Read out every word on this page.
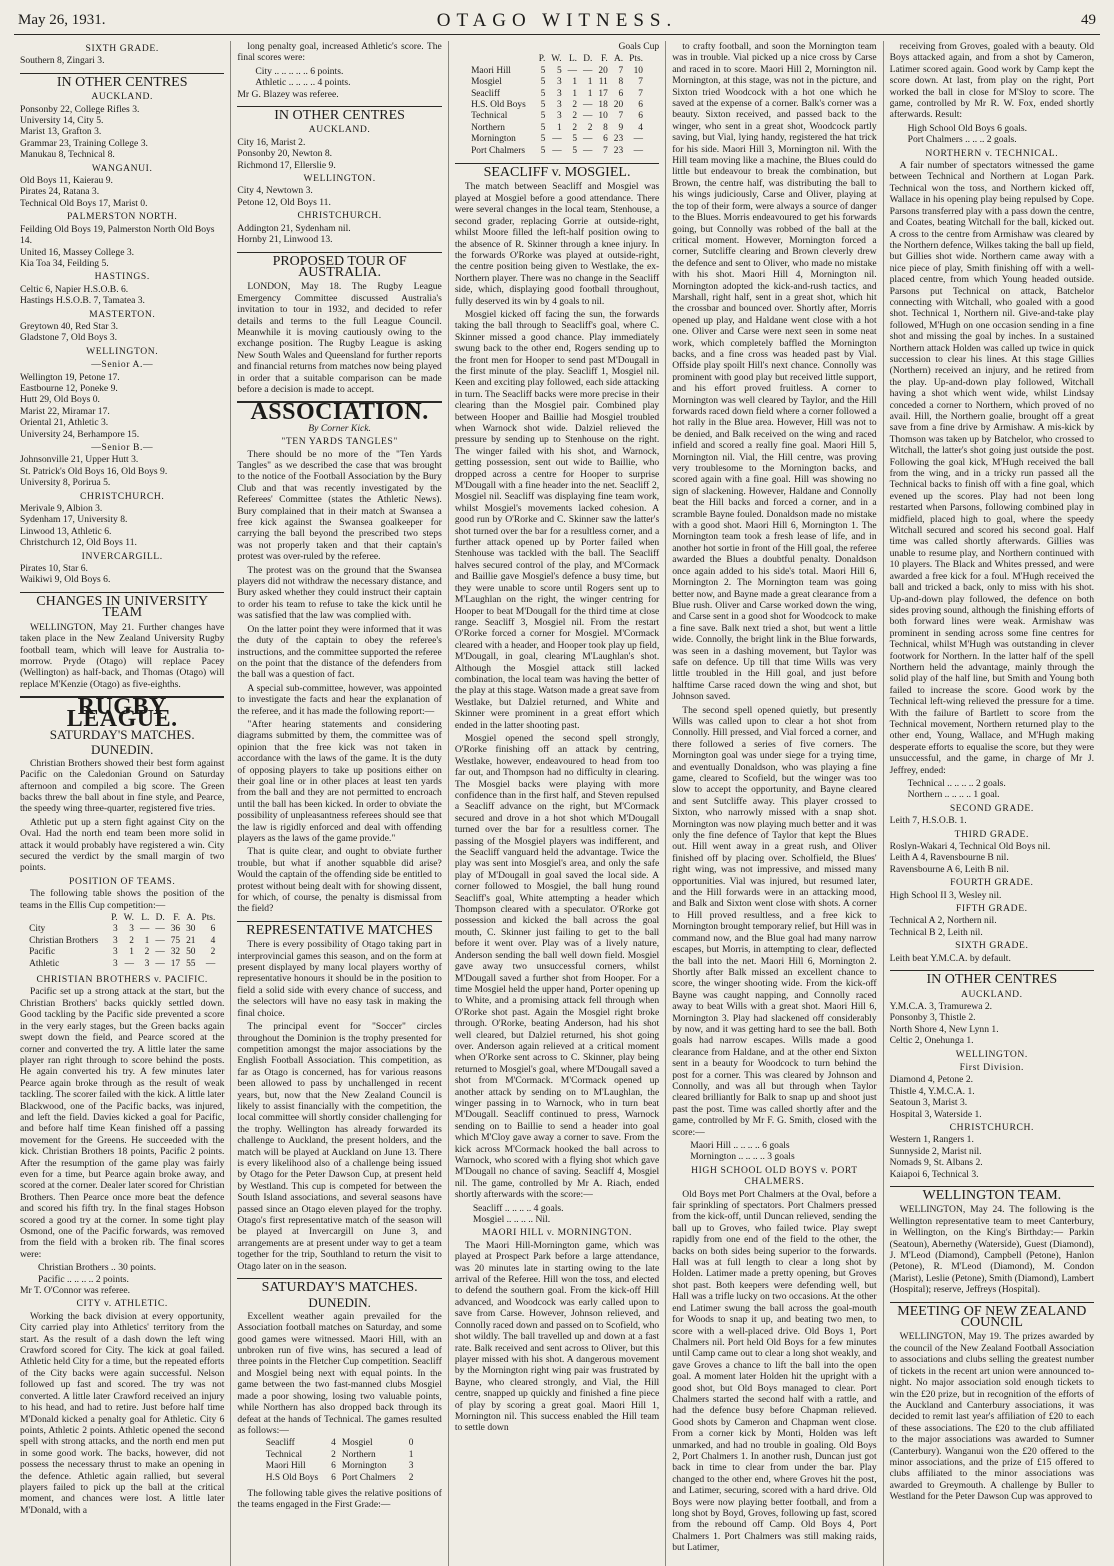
May 26, 1931.	OTAGO WITNESS.	49
SIXTH GRADE.
Southern 8, Zingari 3.
IN OTHER CENTRES
AUCKLAND.
Ponsonby 22, College Rifles 3.
University 14, City 5.
Marist 13, Grafton 3.
Grammar 23, Training College 3.
Manukau 8, Technical 8.
WANGANUI.
Old Boys 11, Kaierau 9.
Pirates 24, Ratana 3.
Technical Old Boys 17, Marist 0.
PALMERSTON NORTH.
Feilding Old Boys 19, Palmerston North Old Boys 14.
United 16, Massey College 3.
Kia Toa 34, Feilding 5.
HASTINGS.
Celtic 6, Napier H.S.O.B. 6.
Hastings H.S.O.B. 7, Tamatea 3.
MASTERTON.
Greytown 40, Red Star 3.
Gladstone 7, Old Boys 3.
WELLINGTON.
—Senior A.—
Wellington 19, Petone 17.
Eastbourne 12, Poneke 9.
Hutt 29, Old Boys 0.
Marist 22, Miramar 17.
Oriental 21, Athletic 3.
University 24, Berhampore 15.
—Senior B.—
Johnsonville 21, Upper Hutt 3.
St. Patrick's Old Boys 16, Old Boys 9.
University 8, Porirua 5.
CHRISTCHURCH.
Merivale 9, Albion 3.
Sydenham 17, University 8.
Linwood 13, Athletic 6.
Christchurch 12, Old Boys 11.
INVERCARGILL.
Pirates 10, Star 6.
Waikiwi 9, Old Boys 6.
CHANGES IN UNIVERSITY TEAM

WELLINGTON, May 21. Further changes have taken place in the New Zealand University Rugby football team, which will leave for Australia to-morrow. Pryde (Otago) will replace Pacey (Wellington) as half-back, and Thomas (Otago) will replace M'Kenzie (Otago) as five-eighths.

RUGBY LEAGUE.
SATURDAY'S MATCHES.
DUNEDIN.

Christian Brothers showed their best form against Pacific on the Caledonian Ground on Saturday afternoon and compiled a big score. The Green backs threw the ball about in fine style, and Pearce, the speedy wing three-quarter, registered five tries.

Athletic put up a stern fight against City on the Oval. Had the north end team been more solid in attack it would probably have registered a win. City secured the verdict by the small margin of two points.

POSITION OF TEAMS.

The following table shows the position of the teams in the Ellis Cup competition:—

	P.	W.	L.	D.	F.	A.	Pts.
City	3	3	—	—	36	30	6
Christian Brothers	3	2	1	—	75	21	4
Pacific	3	1	2	—	32	50	2
Athletic	3	—	3	—	17	55	—
CHRISTIAN BROTHERS v. PACIFIC.

Pacific set up a strong attack at the start, but the Christian Brothers' backs quickly settled down. Good tackling by the Pacific side prevented a score in the very early stages, but the Green backs again swept down the field, and Pearce scored at the corner and converted the try. A little later the same player ran right through to score behind the posts. He again converted his try. A few minutes later Pearce again broke through as the result of weak tackling. The scorer failed with the kick. A little later Blackwood, one of the Pacific backs, was injured, and left the field. Davies kicked a goal for Pacific, and before half time Kean finished off a passing movement for the Greens. He succeeded with the kick. Christian Brothers 18 points, Pacific 2 points. After the resumption of the game play was fairly even for a time, but Pearce again broke away, and scored at the corner. Dealer later scored for Christian Brothers. Then Pearce once more beat the defence and scored his fifth try. In the final stages Hobson scored a good try at the corner. In some tight play Osmond, one of the Pacific forwards, was removed from the field with a broken rib. The final scores were:

Christian Brothers .. 30 points.
Pacific .. .. .. .. 2 points.
Mr T. O'Connor was referee.
CITY v. ATHLETIC.

Working the back division at every opportunity, City carried play into Athletics' territory from the start. As the result of a dash down the left wing Crawford scored for City. The kick at goal failed. Athletic held City for a time, but the repeated efforts of the City backs were again successful. Nelson followed up fast and scored. The try was not converted. A little later Crawford received an injury to his head, and had to retire. Just before half time M'Donald kicked a penalty goal for Athletic. City 6 points, Athletic 2 points. Athletic opened the second spell with strong attacks, and the north end men put in some good work. The backs, however, did not possess the necessary thrust to make an opening in the defence. Athletic again rallied, but several players failed to pick up the ball at the critical moment, and chances were lost. A little later M'Donald, with a

long penalty goal, increased Athletic's score. The final scores were:

City .. .. .. .. .. 6 points.
Athletic .. .. .. .. 4 points.
Mr G. Blazey was referee.
IN OTHER CENTRES
AUCKLAND.
City 16, Marist 2.
Ponsonby 20, Newton 8.
Richmond 17, Ellerslie 9.
WELLINGTON.
City 4, Newtown 3.
Petone 12, Old Boys 11.
CHRISTCHURCH.
Addington 21, Sydenham nil.
Hornby 21, Linwood 13.
PROPOSED TOUR OF AUSTRALIA.

LONDON, May 18. The Rugby League Emergency Committee discussed Australia's invitation to tour in 1932, and decided to refer details and terms to the full League Council. Meanwhile it is moving cautiously owing to the exchange position. The Rugby League is asking New South Wales and Queensland for further reports and financial returns from matches now being played in order that a suitable comparison can be made before a decision is made to accept.

ASSOCIATION.
By Corner Kick.
"TEN YARDS TANGLES"

There should be no more of the "Ten Yards Tangles" as we described the case that was brought to the notice of the Football Association by the Bury Club and that was recently investigated by the Referees' Committee (states the Athletic News). Bury complained that in their match at Swansea a free kick against the Swansea goalkeeper for carrying the ball beyond the prescribed two steps was not properly taken and that their captain's protest was over-ruled by the referee.

The protest was on the ground that the Swansea players did not withdraw the necessary distance, and Bury asked whether they could instruct their captain to order his team to refuse to take the kick until he was satisfied that the law was complied with.

On the latter point they were informed that it was the duty of the captain to obey the referee's instructions, and the committee supported the referee on the point that the distance of the defenders from the ball was a question of fact.

A special sub-committee, however, was appointed to investigate the facts and hear the explanation of the referee, and it has made the following report:—

"After hearing statements and considering diagrams submitted by them, the committee was of opinion that the free kick was not taken in accordance with the laws of the game. It is the duty of opposing players to take up positions either on their goal line or in other places at least ten yards from the ball and they are not permitted to encroach until the ball has been kicked. In order to obviate the possibility of unpleasantness referees should see that the law is rigidly enforced and deal with offending players as the laws of the game provide."

That is quite clear, and ought to obviate further trouble, but what if another squabble did arise? Would the captain of the offending side be entitled to protest without being dealt with for showing dissent, for which, of course, the penalty is dismissal from the field?

REPRESENTATIVE MATCHES

There is every possibility of Otago taking part in interprovincial games this season, and on the form at present displayed by many local players worthy of representative honours it should be in the position to field a solid side with every chance of success, and the selectors will have no easy task in making the final choice.

The principal event for "Soccer" circles throughout the Dominion is the trophy presented for competition amongst the major associations by the English Football Association. This competition, as far as Otago is concerned, has for various reasons been allowed to pass by unchallenged in recent years, but, now that the New Zealand Council is likely to assist financially with the competition, the local committee will shortly consider challenging for the trophy. Wellington has already forwarded its challenge to Auckland, the present holders, and the match will be played at Auckland on June 13. There is every likelihood also of a challenge being issued by Otago for the Peter Dawson Cup, at present held by Westland. This cup is competed for between the South Island associations, and several seasons have passed since an Otago eleven played for the trophy. Otago's first representative match of the season will be played at Invercargill on June 3, and arrangements are at present under way to get a team together for the trip, Southland to return the visit to Otago later on in the season.

SATURDAY'S MATCHES.
DUNEDIN.

Excellent weather again prevailed for the Association football matches on Saturday, and some good games were witnessed. Maori Hill, with an unbroken run of five wins, has secured a lead of three points in the Fletcher Cup competition. Seacliff and Mosgiel being next with equal points. In the game between the two fast-manned clubs Mosgiel made a poor showing, losing two valuable points, while Northern has also dropped back through its defeat at the hands of Technical. The games resulted as follows:—

Seacliff	4	Mosgiel	0
Technical	2	Northern	1
Maori Hill	6	Mornington	3
H.S Old Boys	6	Port Chalmers	2

The following table gives the relative positions of the teams engaged in the First Grade:—

Goals Cup
	P.	W.	L.	D.	F.	A.	Pts.
Maori Hill	5	5	—	—	20	7	10
Mosgiel	5	3	1	1	11	8	7
Seacliff	5	3	1	1	17	6	7
H.S. Old Boys	5	3	2	—	18	20	6
Technical	5	3	2	—	10	7	6
Northern	5	1	2	2	8	9	4
Mornington	5	—	5	—	6	23	—
Port Chalmers	5	—	5	—	7	23	—
SEACLIFF v. MOSGIEL.

The match between Seacliff and Mosgiel was played at Mosgiel before a good attendance. There were several changes in the local team, Stenhouse, a second grader, replacing Gorrie at outside-right, whilst Moore filled the left-half position owing to the absence of R. Skinner through a knee injury. In the forwards O'Rorke was played at outside-right, the centre position being given to Westlake, the ex-Northern player. There was no change in the Seacliff side, which, displaying good football throughout, fully deserved its win by 4 goals to nil.

Mosgiel kicked off facing the sun, the forwards taking the ball through to Seacliff's goal, where C. Skinner missed a good chance. Play immediately swung back to the other end, Rogers sending up to the front men for Hooper to send past M'Dougall in the first minute of the play. Seacliff 1, Mosgiel nil. Keen and exciting play followed, each side attacking in turn. The Seacliff backs were more precise in their clearing than the Mosgiel pair. Combined play between Hooper and Baillie had Mosgiel troubled when Warnock shot wide. Dalziel relieved the pressure by sending up to Stenhouse on the right. The winger failed with his shot, and Warnock, getting possession, sent out wide to Baillie, who dropped across a centre for Hooper to surprise M'Dougall with a fine header into the net. Seacliff 2, Mosgiel nil. Seacliff was displaying fine team work, whilst Mosgiel's movements lacked cohesion. A good run by O'Rorke and C. Skinner saw the latter's shot turned over the bar for a resultless corner, and a further attack opened up by Porter failed when Stenhouse was tackled with the ball. The Seacliff halves secured control of the play, and M'Cormack and Baillie gave Mosgiel's defence a busy time, but they were unable to score until Rogers sent up to M'Laughlan on the right, the winger centring for Hooper to beat M'Dougall for the third time at close range. Seacliff 3, Mosgiel nil. From the restart O'Rorke forced a corner for Mosgiel. M'Cormack cleared with a header, and Hooper took play up field, M'Dougall, in goal, clearing M'Laughlan's shot. Although the Mosgiel attack still lacked combination, the local team was having the better of the play at this stage. Watson made a great save from Westlake, but Dalziel returned, and White and Skinner were prominent in a great effort which ended in the latter shooting past.

Mosgiel opened the second spell strongly, O'Rorke finishing off an attack by centring, Westlake, however, endeavoured to head from too far out, and Thompson had no difficulty in clearing. The Mosgiel backs were playing with more confidence than in the first half, and Steven repulsed a Seacliff advance on the right, but M'Cormack secured and drove in a hot shot which M'Dougall turned over the bar for a resultless corner. The passing of the Mosgiel players was indifferent, and the Seacliff vanguard held the advantage. Twice the play was sent into Mosgiel's area, and only the safe play of M'Dougall in goal saved the local side. A corner followed to Mosgiel, the ball hung round Seacliff's goal, White attempting a header which Thompson cleared with a speculator. O'Rorke got possession and kicked the ball across the goal mouth, C. Skinner just failing to get to the ball before it went over. Play was of a lively nature, Anderson sending the ball well down field. Mosgiel gave away two unsuccessful corners, whilst M'Dougall saved a further shot from Hooper. For a time Mosgiel held the upper hand, Porter opening up to White, and a promising attack fell through when O'Rorke shot past. Again the Mosgiel right broke through. O'Rorke, beating Anderson, had his shot well cleared, but Dalziel returned, his shot going over. Anderson again relieved at a critical moment when O'Rorke sent across to C. Skinner, play being returned to Mosgiel's goal, where M'Dougall saved a shot from M'Cormack. M'Cormack opened up another attack by sending on to M'Laughlan, the winger passing in to Warnock, who in turn beat M'Dougall. Seacliff continued to press, Warnock sending on to Baillie to send a header into goal which M'Cloy gave away a corner to save. From the kick across M'Cormack hooked the ball across to Warnock, who scored with a flying shot which gave M'Dougall no chance of saving. Seacliff 4, Mosgiel nil. The game, controlled by Mr A. Riach, ended shortly afterwards with the score:—

Seacliff .. .. .. .. 4 goals.
Mosgiel .. .. .. .. Nil.
MAORI HILL v. MORNINGTON.

The Maori Hill-Mornington game, which was played at Prospect Park before a large attendance, was 20 minutes late in starting owing to the late arrival of the Referee. Hill won the toss, and elected to defend the southern goal. From the kick-off Hill advanced, and Woodcock was early called upon to save from Carse. However, Johnson relieved, and Connolly raced down and passed on to Scofield, who shot wildly. The ball travelled up and down at a fast rate. Balk received and sent across to Oliver, but this player missed with his shot. A dangerous movement by the Mornington right wing pair was frustrated by Bayne, who cleared strongly, and Vial, the Hill centre, snapped up quickly and finished a fine piece of play by scoring a great goal. Maori Hill 1, Mornington nil. This success enabled the Hill team to settle down

to crafty football, and soon the Mornington team was in trouble. Vial picked up a nice cross by Carse and raced in to score. Maori Hill 2, Mornington nil. Mornington, at this stage, was not in the picture, and Sixton tried Woodcock with a hot one which he saved at the expense of a corner. Balk's corner was a beauty. Sixton received, and passed back to the winger, who sent in a great shot, Woodcock partly saving, but Vial, lying handy, registered the hat trick for his side. Maori Hill 3, Mornington nil. With the Hill team moving like a machine, the Blues could do little but endeavour to break the combination, but Brown, the centre half, was distributing the ball to his wings judiciously, Carse and Oliver, playing at the top of their form, were always a source of danger to the Blues. Morris endeavoured to get his forwards going, but Connolly was robbed of the ball at the critical moment. However, Mornington forced a corner, Sutcliffe clearing and Brown cleverly drew the defence and sent to Oliver, who made no mistake with his shot. Maori Hill 4, Mornington nil. Mornington adopted the kick-and-rush tactics, and Marshall, right half, sent in a great shot, which hit the crossbar and bounced over. Shortly after, Morris opened up play, and Haldane went close with a hot one. Oliver and Carse were next seen in some neat work, which completely baffled the Mornington backs, and a fine cross was headed past by Vial. Offside play spoilt Hill's next chance. Connolly was prominent with good play but received little support, and his effort proved fruitless. A corner to Mornington was well cleared by Taylor, and the Hill forwards raced down field where a corner followed a hot rally in the Blue area. However, Hill was not to be denied, and Balk received on the wing and raced infield and scored a really fine goal. Maori Hill 5, Mornington nil. Vial, the Hill centre, was proving very troublesome to the Mornington backs, and scored again with a fine goal. Hill was showing no sign of slackening. However, Haldane and Connolly beat the Hill backs and forced a corner, and in a scramble Bayne fouled. Donaldson made no mistake with a good shot. Maori Hill 6, Mornington 1. The Mornington team took a fresh lease of life, and in another hot sortie in front of the Hill goal, the referee awarded the Blues a doubtful penalty. Donaldson once again added to his side's total. Maori Hill 6, Mornington 2. The Mornington team was going better now, and Bayne made a great clearance from a Blue rush. Oliver and Carse worked down the wing, and Carse sent in a good shot for Woodcock to make a fine save. Balk next tried a shot, but went a little wide. Connolly, the bright link in the Blue forwards, was seen in a dashing movement, but Taylor was safe on defence. Up till that time Wills was very little troubled in the Hill goal, and just before halftime Carse raced down the wing and shot, but Johnson saved.

The second spell opened quietly, but presently Wills was called upon to clear a hot shot from Connolly. Hill pressed, and Vial forced a corner, and there followed a series of five corners. The Mornington goal was under siege for a trying time, and eventually Donaldson, who was playing a fine game, cleared to Scofield, but the winger was too slow to accept the opportunity, and Bayne cleared and sent Sutcliffe away. This player crossed to Sixton, who narrowly missed with a snap shot. Mornington was now playing much better and it was only the fine defence of Taylor that kept the Blues out. Hill went away in a great rush, and Oliver finished off by placing over. Scholfield, the Blues' right wing, was not impressive, and missed many opportunities. Vial was injured, but resumed later, and the Hill forwards were in an attacking mood, and Balk and Sixton went close with shots. A corner to Hill proved resultless, and a free kick to Mornington brought temporary relief, but Hill was in command now, and the Blue goal had many narrow escapes, but Morris, in attempting to clear, deflected the ball into the net. Maori Hill 6, Mornington 2. Shortly after Balk missed an excellent chance to score, the winger shooting wide. From the kick-off Bayne was caught napping, and Connolly raced away to beat Wills with a great shot. Maori Hill 6, Mornington 3. Play had slackened off considerably by now, and it was getting hard to see the ball. Both goals had narrow escapes. Wills made a good clearance from Haldane, and at the other end Sixton sent in a beauty for Woodcock to turn behind the post for a corner. This was cleared by Johnson and Connolly, and was all but through when Taylor cleared brilliantly for Balk to snap up and shoot just past the post. Time was called shortly after and the game, controlled by Mr F. G. Smith, closed with the score:—

Maori Hill .. .. .. .. 6 goals
Mornington .. .. .. .. 3 goals
HIGH SCHOOL OLD BOYS v. PORT CHALMERS.

Old Boys met Port Chalmers at the Oval, before a fair sprinkling of spectators. Port Chalmers pressed from the kick-off, until Duncan relieved, sending the ball up to Groves, who failed twice. Play swept rapidly from one end of the field to the other, the backs on both sides being superior to the forwards. Hall was at full length to clear a long shot by Holden. Latimer made a pretty opening, but Groves shot past. Both keepers were defending well, but Hall was a trifle lucky on two occasions. At the other end Latimer swung the ball across the goal-mouth for Woods to snap it up, and beating two men, to score with a well-placed drive. Old Boys 1, Port Chalmers nil. Port held Old Boys for a few minutes until Camp came out to clear a long shot weakly, and gave Groves a chance to lift the ball into the open goal. A moment later Holden hit the upright with a good shot, but Old Boys managed to clear. Port Chalmers started the second half with a rattle, and had the defence busy before Chapman relieved. Good shots by Cameron and Chapman went close. From a corner kick by Monti, Holden was left unmarked, and had no trouble in goaling. Old Boys 2, Port Chalmers 1. In another rush, Duncan just got back in time to clear from under the bar. Play changed to the other end, where Groves hit the post, and Latimer, securing, scored with a hard drive. Old Boys were now playing better football, and from a long shot by Boyd, Groves, following up fast, scored from the rebound off Camp. Old Boys 4, Port Chalmers 1. Port Chalmers was still making raids, but Latimer,

receiving from Groves, goaled with a beauty. Old Boys attacked again, and from a shot by Cameron, Latimer scored again. Good work by Camp kept the score down. At last, from play on the right, Port worked the ball in close for M'Sloy to score. The game, controlled by Mr R. W. Fox, ended shortly afterwards. Result:

High School Old Boys 6 goals.
Port Chalmers .. .. .. 2 goals.
NORTHERN v. TECHNICAL.

A fair number of spectators witnessed the game between Technical and Northern at Logan Park. Technical won the toss, and Northern kicked off, Wallace in his opening play being repulsed by Cope. Parsons transferred play with a pass down the centre, and Coates, beating Witchall for the ball, kicked out. A cross to the centre from Armishaw was cleared by the Northern defence, Wilkes taking the ball up field, but Gillies shot wide. Northern came away with a nice piece of play, Smith finishing off with a well-placed centre, from which Young headed outside. Parsons put Technical on attack, Batchelor connecting with Witchall, who goaled with a good shot. Technical 1, Northern nil. Give-and-take play followed, M'Hugh on one occasion sending in a fine shot and missing the goal by inches. In a sustained Northern attack Holden was called up twice in quick succession to clear his lines. At this stage Gillies (Northern) received an injury, and he retired from the play. Up-and-down play followed, Witchall having a shot which went wide, whilst Lindsay conceded a corner to Northern, which proved of no avail. Hill, the Northern goalie, brought off a great save from a fine drive by Armishaw. A mis-kick by Thomson was taken up by Batchelor, who crossed to Witchall, the latter's shot going just outside the post. Following the goal kick, M'Hugh received the ball from the wing, and in a tricky run passed all the Technical backs to finish off with a fine goal, which evened up the scores. Play had not been long restarted when Parsons, following combined play in midfield, placed high to goal, where the speedy Witchall secured and scored his second goal. Half time was called shortly afterwards. Gillies was unable to resume play, and Northern continued with 10 players. The Black and Whites pressed, and were awarded a free kick for a foul. M'Hugh received the ball and tricked a back, only to miss with his shot. Up-and-down play followed, the defence on both sides proving sound, although the finishing efforts of both forward lines were weak. Armishaw was prominent in sending across some fine centres for Technical, whilst M'Hugh was outstanding in clever footwork for Northern. In the latter half of the spell Northern held the advantage, mainly through the solid play of the half line, but Smith and Young both failed to increase the score. Good work by the Technical left-wing relieved the pressure for a time. With the failure of Bartlett to score from the Technical movement, Northern returned play to the other end, Young, Wallace, and M'Hugh making desperate efforts to equalise the score, but they were unsuccessful, and the game, in charge of Mr J. Jeffrey, ended:

Technical .. .. .. .. 2 goals.
Northern .. .. .. .. 1 goal.
SECOND GRADE.
Leith 7, H.S.O.B. 1.
THIRD GRADE.
Roslyn-Wakari 4, Technical Old Boys nil.
Leith A 4, Ravensbourne B nil.
Ravensbourne A 6, Leith B nil.
FOURTH GRADE.
High School II 3, Wesley nil.
FIFTH GRADE.
Technical A 2, Northern nil.
Technical B 2, Leith nil.
SIXTH GRADE.
Leith beat Y.M.C.A. by default.
IN OTHER CENTRES
AUCKLAND.
Y.M.C.A. 3, Tramurewa 2.
Ponsonby 3, Thistle 2.
North Shore 4, New Lynn 1.
Celtic 2, Onehunga 1.
WELLINGTON.
First Division.
Diamond 4, Petone 2.
Thistle 4, Y.M.C.A. 1.
Seatoun 3, Marist 3.
Hospital 3, Waterside 1.
CHRISTCHURCH.
Western 1, Rangers 1.
Sunnyside 2, Marist nil.
Nomads 9, St. Albans 2.
Kaiapoi 6, Technical 3.
WELLINGTON TEAM.

WELLINGTON, May 24. The following is the Wellington representative team to meet Canterbury, in Wellington, on the King's Birthday:— Parkin (Seatoun), Abernethy (Waterside), Guest (Diamond), J. M'Leod (Diamond), Campbell (Petone), Hanlon (Petone), R. M'Leod (Diamond), M. Condon (Marist), Leslie (Petone), Smith (Diamond), Lambert (Hospital); reserve, Jeffreys (Hospital).

MEETING OF NEW ZEALAND COUNCIL

WELLINGTON, May 19. The prizes awarded by the council of the New Zealand Football Association to associations and clubs selling the greatest number of tickets in the recent art union were announced to-night. No major association sold enough tickets to win the £20 prize, but in recognition of the efforts of the Auckland and Canterbury associations, it was decided to remit last year's affiliation of £20 to each of these associations. The £20 to the club affiliated to the major associations was awarded to Sumner (Canterbury). Wanganui won the £20 offered to the minor associations, and the prize of £15 offered to clubs affiliated to the minor associations was awarded to Greymouth. A challenge by Buller to Westland for the Peter Dawson Cup was approved to
